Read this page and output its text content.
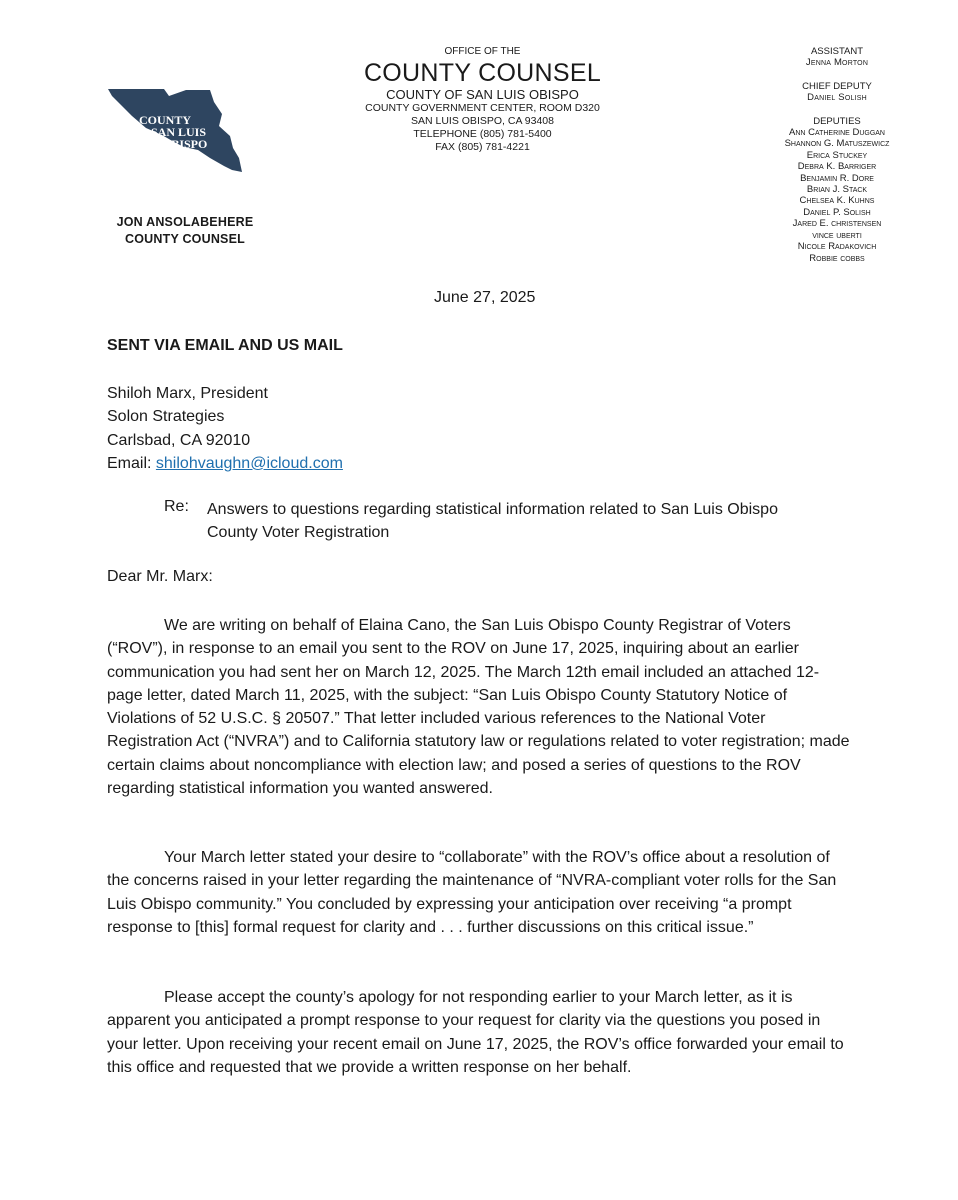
COUNTY
of SAN LUIS
OBISPO
JON ANSOLABEHERE
COUNTY COUNSEL
OFFICE OF THE
COUNTY COUNSEL
COUNTY OF SAN LUIS OBISPO
COUNTY GOVERNMENT CENTER, ROOM D320
SAN LUIS OBISPO, CA 93408
TELEPHONE (805) 781-5400
FAX (805) 781-4221
ASSISTANT
Jenna Morton
CHIEF DEPUTY
Daniel Solish
DEPUTIES
Ann Catherine Duggan
Shannon G. Matuszewicz
Erica Stuckey
Debra K. Barriger
Benjamin R. Dore
Brian J. Stack
Chelsea K. Kuhns
Daniel P. Solish
Jared E. christensen
vince uberti
Nicole Radakovich
Robbie cobbs
June 27, 2025
SENT VIA EMAIL AND US MAIL
Shiloh Marx, President
Solon Strategies
Carlsbad, CA 92010
Email: shilohvaughn@icloud.com
Re: Answers to questions regarding statistical information related to San Luis Obispo County Voter Registration
Dear Mr. Marx:

We are writing on behalf of Elaina Cano, the San Luis Obispo County Registrar of Voters (“ROV”), in response to an email you sent to the ROV on June 17, 2025, inquiring about an earlier communication you had sent her on March 12, 2025. The March 12th email included an attached 12-page letter, dated March 11, 2025, with the subject: “San Luis Obispo County Statutory Notice of Violations of 52 U.S.C. § 20507.” That letter included various references to the National Voter Registration Act (“NVRA”) and to California statutory law or regulations related to voter registration; made certain claims about noncompliance with election law; and posed a series of questions to the ROV regarding statistical information you wanted answered.

Your March letter stated your desire to “collaborate” with the ROV’s office about a resolution of the concerns raised in your letter regarding the maintenance of “NVRA-compliant voter rolls for the San Luis Obispo community.” You concluded by expressing your anticipation over receiving “a prompt response to [this] formal request for clarity and . . . further discussions on this critical issue.”

Please accept the county’s apology for not responding earlier to your March letter, as it is apparent you anticipated a prompt response to your request for clarity via the questions you posed in your letter. Upon receiving your recent email on June 17, 2025, the ROV’s office forwarded your email to this office and requested that we provide a written response on her behalf.
